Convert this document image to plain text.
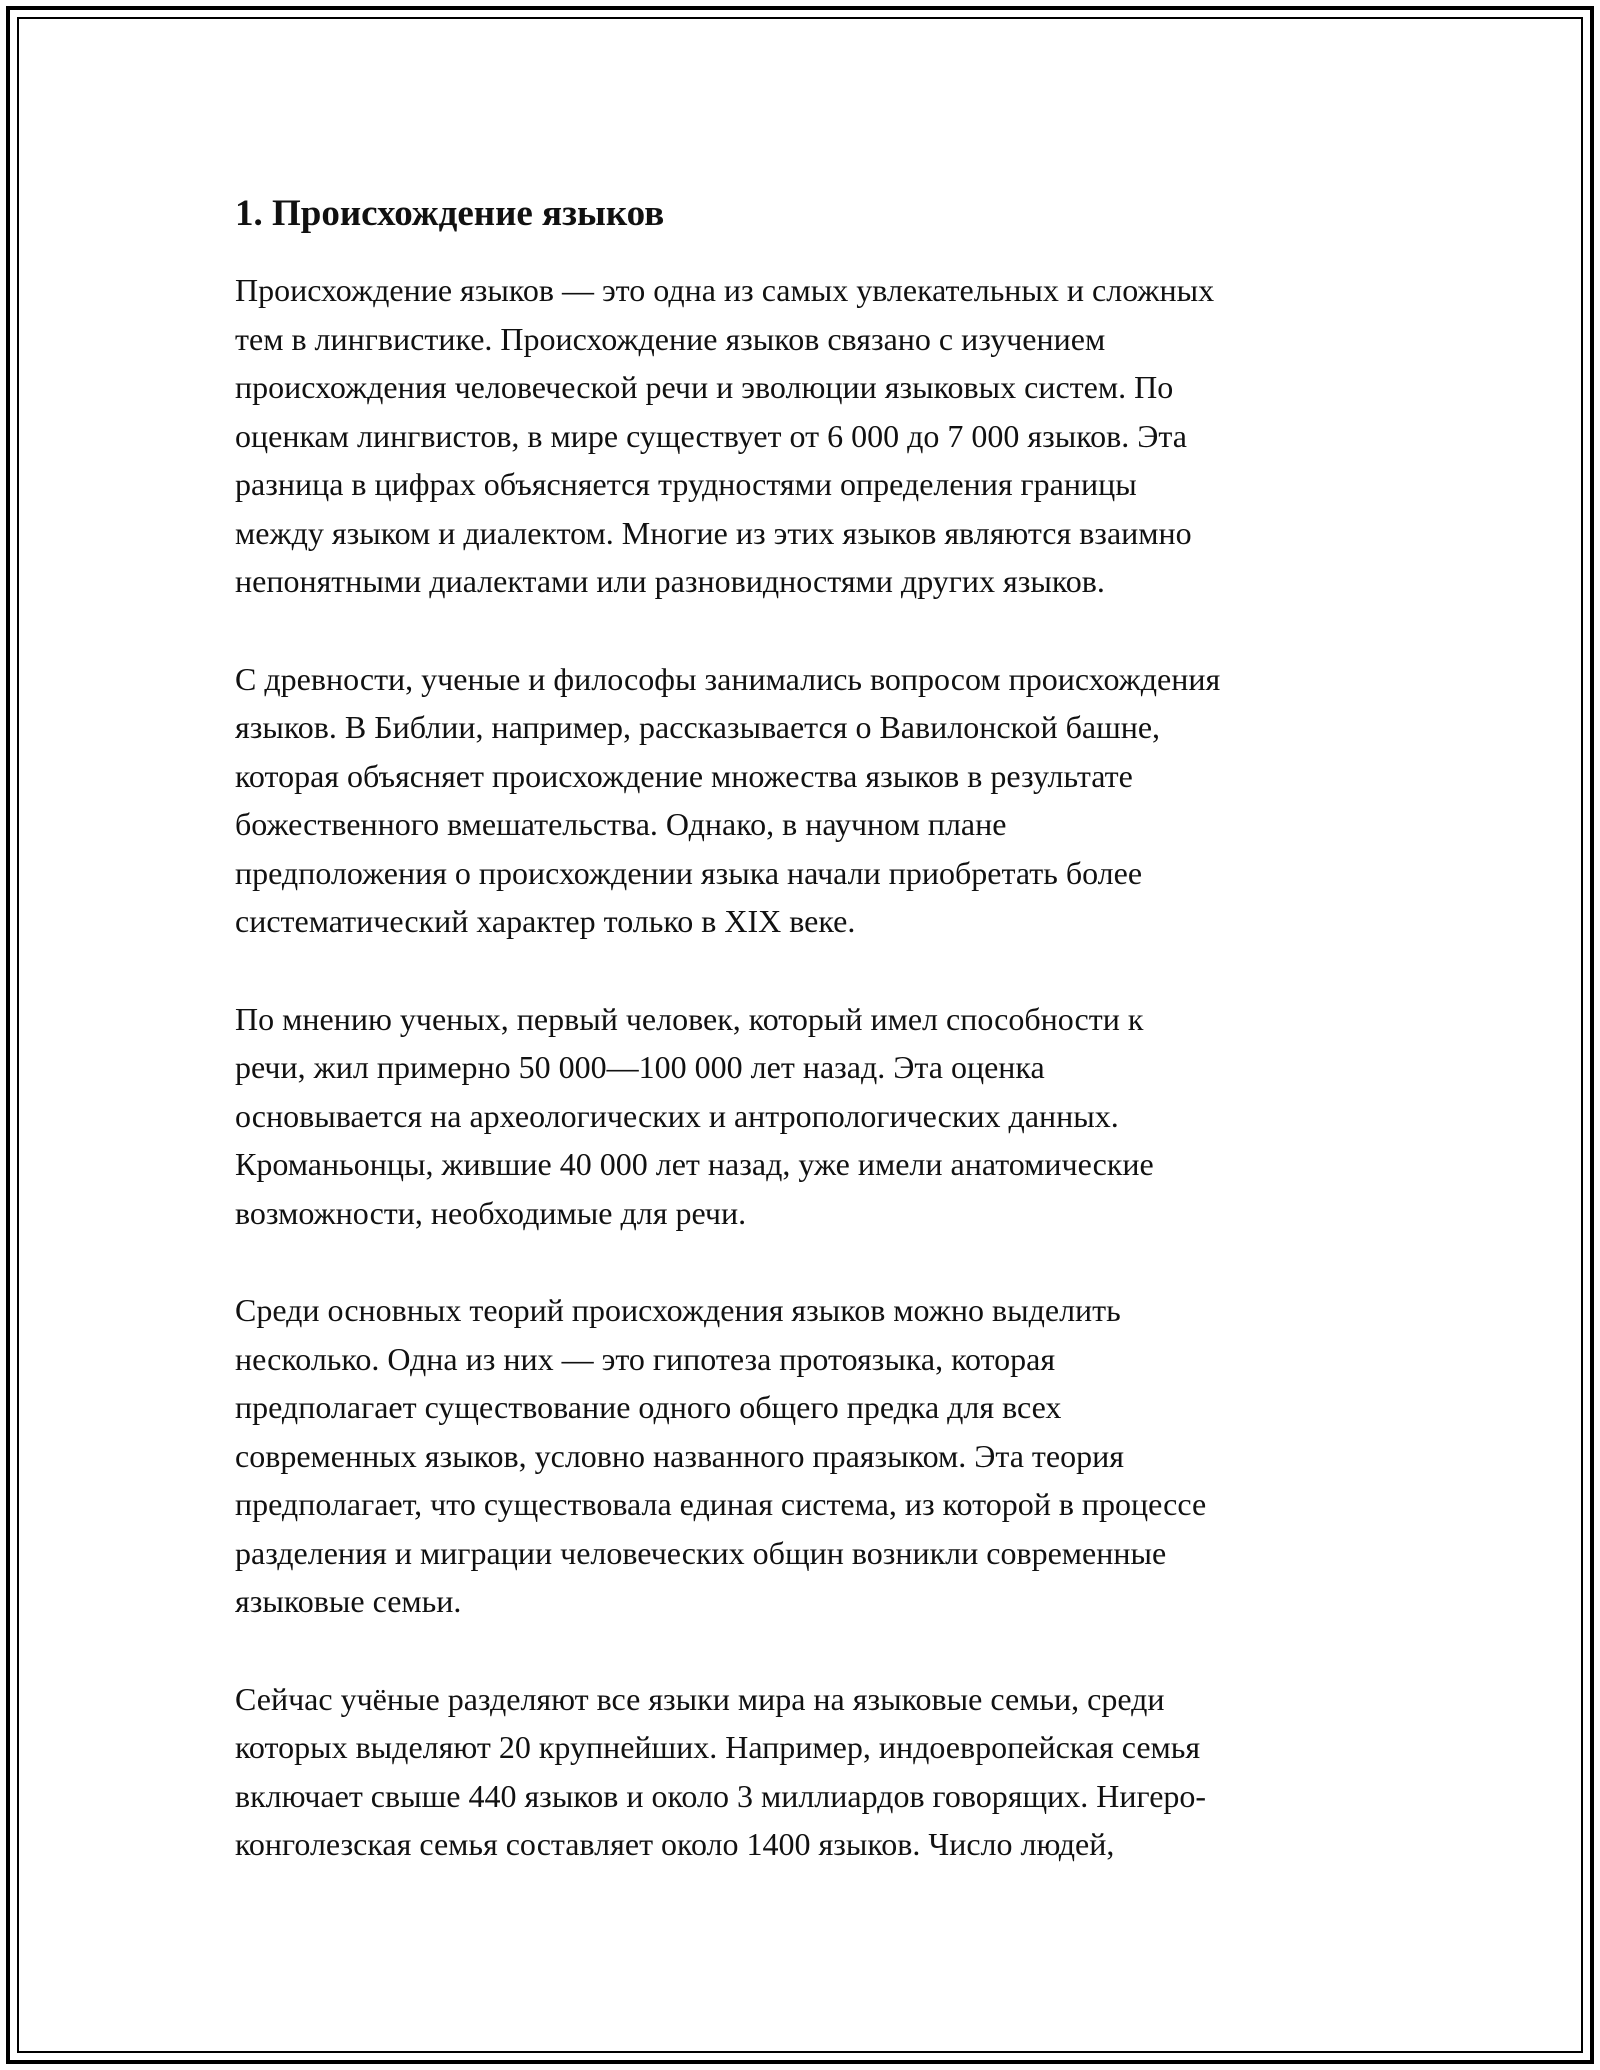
1. Происхождение языков

Происхождение языков — это одна из самых увлекательных и сложных
тем в лингвистике. Происхождение языков связано с изучением
происхождения человеческой речи и эволюции языковых систем. По
оценкам лингвистов, в мире существует от 6 000 до 7 000 языков. Эта
разница в цифрах объясняется трудностями определения границы
между языком и диалектом. Многие из этих языков являются взаимно
непонятными диалектами или разновидностями других языков.

С древности, ученые и философы занимались вопросом происхождения
языков. В Библии, например, рассказывается о Вавилонской башне,
которая объясняет происхождение множества языков в результате
божественного вмешательства. Однако, в научном плане
предположения о происхождении языка начали приобретать более
систематический характер только в XIX веке.

По мнению ученых, первый человек, который имел способности к
речи, жил примерно 50 000—100 000 лет назад. Эта оценка
основывается на археологических и антропологических данных.
Кроманьонцы, жившие 40 000 лет назад, уже имели анатомические
возможности, необходимые для речи.

Среди основных теорий происхождения языков можно выделить
несколько. Одна из них — это гипотеза протоязыка, которая
предполагает существование одного общего предка для всех
современных языков, условно названного праязыком. Эта теория
предполагает, что существовала единая система, из которой в процессе
разделения и миграции человеческих общин возникли современные
языковые семьи.

Сейчас учёные разделяют все языки мира на языковые семьи, среди
которых выделяют 20 крупнейших. Например, индоевропейская семья
включает свыше 440 языков и около 3 миллиардов говорящих. Нигеро-
конголезская семья составляет около 1400 языков. Число людей,
